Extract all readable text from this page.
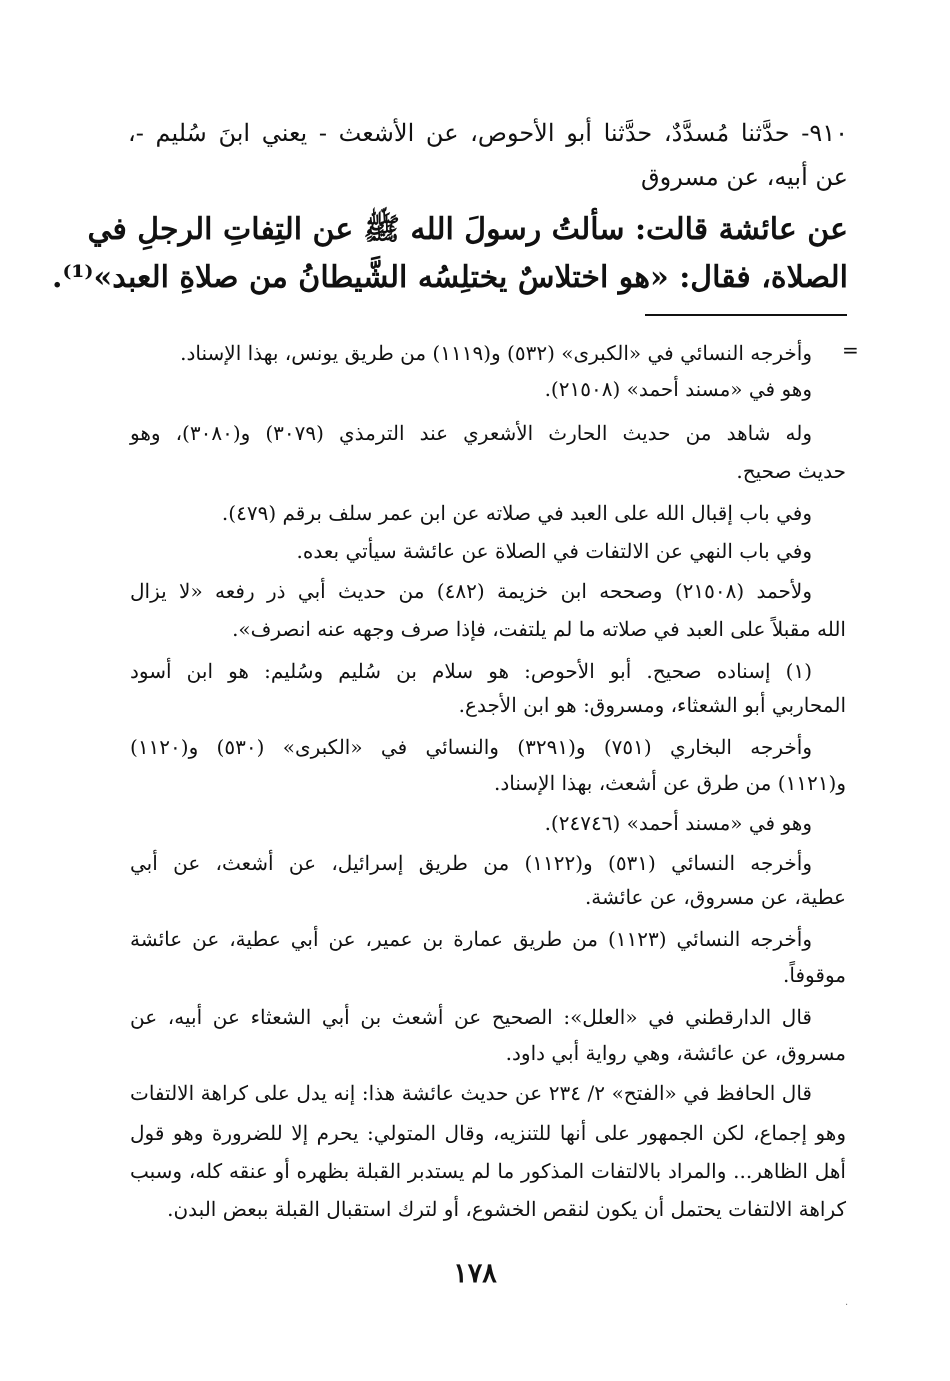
٩١٠- حدَّثنا مُسدَّدٌ، حدَّثنا أبو الأحوص، عن الأشعث - يعني ابنَ سُليم -،
عن أبيه، عن مسروق
عن عائشة قالت: سألتُ رسولَ الله ﷺ عن التِفاتِ الرجلِ في
الصلاة، فقال: «هو اختلاسٌ يختلِسُه الشَّيطانُ من صلاةِ العبد»⁽¹⁾.
=
وأخرجه النسائي في «الكبرى» (٥٣٢) و(١١١٩) من طريق يونس، بهذا الإسناد.
وهو في «مسند أحمد» (٢١٥٠٨).
وله شاهد من حديث الحارث الأشعري عند الترمذي (٣٠٧٩) و(٣٠٨٠)، وهو
حديث صحيح.
وفي باب إقبال الله على العبد في صلاته عن ابن عمر سلف برقم (٤٧٩).
وفي باب النهي عن الالتفات في الصلاة عن عائشة سيأتي بعده.
ولأحمد (٢١٥٠٨) وصححه ابن خزيمة (٤٨٢) من حديث أبي ذر رفعه «لا يزال
الله مقبلاً على العبد في صلاته ما لم يلتفت، فإذا صرف وجهه عنه انصرف».
(١) إسناده صحيح. أبو الأحوص: هو سلام بن سُليم وسُليم: هو ابن أسود
المحاربي أبو الشعثاء، ومسروق: هو ابن الأجدع.
وأخرجه البخاري (٧٥١) و(٣٢٩١) والنسائي في «الكبرى» (٥٣٠) و(١١٢٠)
و(١١٢١) من طرق عن أشعث، بهذا الإسناد.
وهو في «مسند أحمد» (٢٤٧٤٦).
وأخرجه النسائي (٥٣١) و(١١٢٢) من طريق إسرائيل، عن أشعث، عن أبي
عطية، عن مسروق، عن عائشة.
وأخرجه النسائي (١١٢٣) من طريق عمارة بن عمير، عن أبي عطية، عن عائشة
موقوفاً.
قال الدارقطني في «العلل»: الصحيح عن أشعث بن أبي الشعثاء عن أبيه، عن
مسروق، عن عائشة، وهي رواية أبي داود.
قال الحافظ في «الفتح» ٢/ ٢٣٤ عن حديث عائشة هذا: إنه يدل على كراهة الالتفات
وهو إجماع، لكن الجمهور على أنها للتنزيه، وقال المتولي: يحرم إلا للضرورة وهو قول
أهل الظاهر... والمراد بالالتفات المذكور ما لم يستدبر القبلة بظهره أو عنقه كله، وسبب
كراهة الالتفات يحتمل أن يكون لنقص الخشوع، أو لترك استقبال القبلة ببعض البدن.
١٧٨
·
